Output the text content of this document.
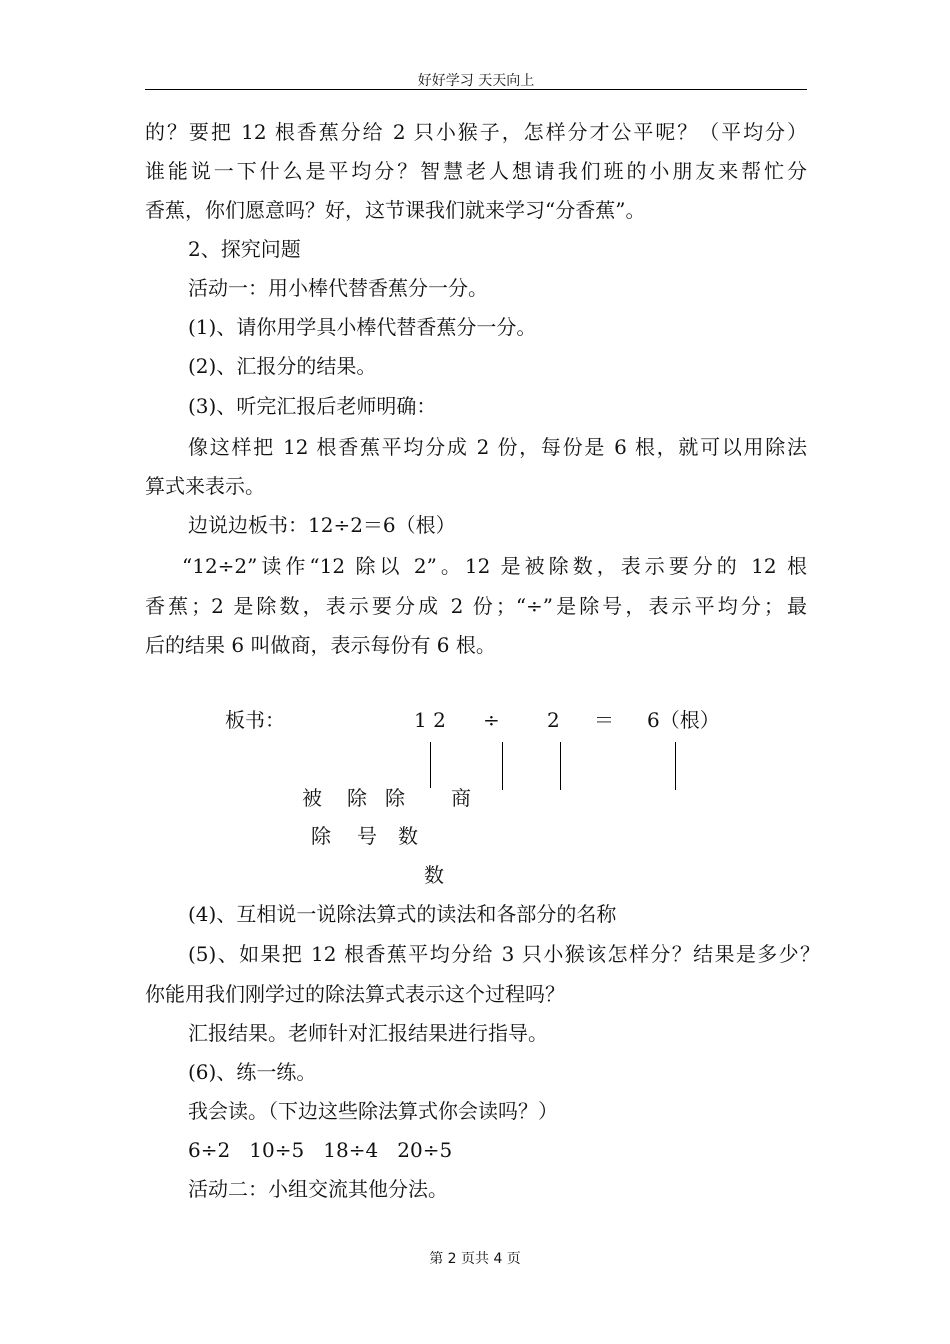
好好学习 天天向上
的？要把 12 根香蕉分给 2 只小猴子，怎样分才公平呢？（平均分）
谁能说一下什么是平均分？智慧老人想请我们班的小朋友来帮忙分
香蕉，你们愿意吗？好，这节课我们就来学习“分香蕉”。
2、探究问题
活动一：用小棒代替香蕉分一分。
(1)、请你用学具小棒代替香蕉分一分。
(2)、汇报分的结果。
(3)、听完汇报后老师明确：
像这样把 12 根香蕉平均分成 2 份，每份是 6 根，就可以用除法
算式来表示。
边说边板书：12÷2＝6（根）
“12÷2”读作“12 除以 2”。12 是被除数，表示要分的 12 根
香蕉；2 是除数，表示要分成 2 份；“÷”是除号，表示平均分；最
后的结果 6 叫做商，表示每份有 6 根。
板书：	1 2 ÷ 2 ＝ 6（根）
被
除
数
除
号
除
数
商
(4)、互相说一说除法算式的读法和各部分的名称
(5)、如果把 12 根香蕉平均分给 3 只小猴该怎样分？结果是多少？
你能用我们刚学过的除法算式表示这个过程吗？
汇报结果。老师针对汇报结果进行指导。
(6)、练一练。
我会读。（下边这些除法算式你会读吗？）
6÷2   10÷5   18÷4   20÷5
活动二：小组交流其他分法。
第 2 页共 4 页
